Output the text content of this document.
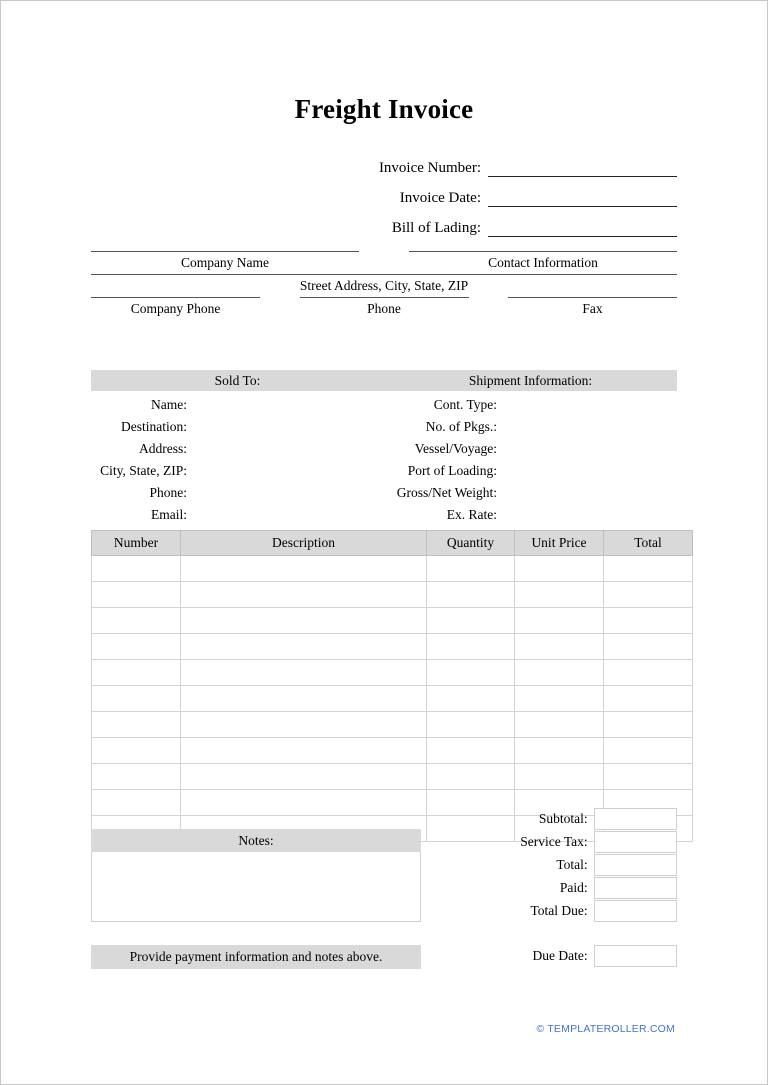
Freight Invoice
Invoice Number:
Invoice Date:
Bill of Lading:
Company Name	Contact Information
Street Address, City, State, ZIP
Company Phone	Phone	Fax
Sold To:	Shipment Information:
Name:	Cont. Type:
Destination:	No. of Pkgs.:
Address:	Vessel/Voyage:
City, State, ZIP:	Port of Loading:
Phone:	Gross/Net Weight:
Email:	Ex. Rate:
Number	Description	Quantity	Unit Price	Total

Notes:
Provide payment information and notes above.
Subtotal:
Service Tax:
Total:
Paid:
Total Due:
Due Date:
© TEMPLATEROLLER.COM
